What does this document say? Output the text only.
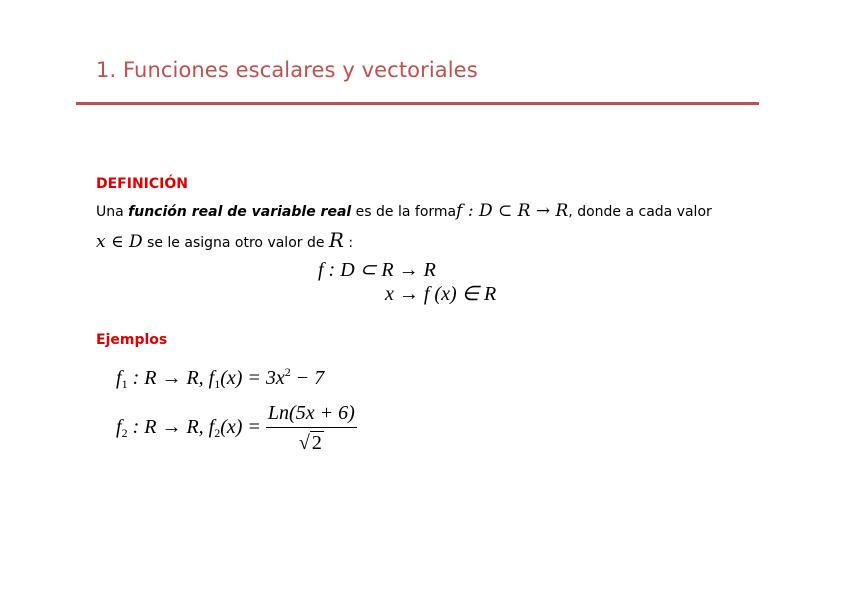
1. Funciones escalares y vectoriales
DEFINICIÓN
Una función real de variable real es de la formaf : D ⊂ R → R, donde a cada valor
x ∈ D se le asigna otro valor de R :
f : D ⊂ R → R
x → f (x) ∈ R
Ejemplos
$f_1$ : R → R, $f_1(x) = 3x^2 - 7$
$f_2$ : R → R, $f_2(x) = \frac{Ln(5x + 6)}{√ 2}$
